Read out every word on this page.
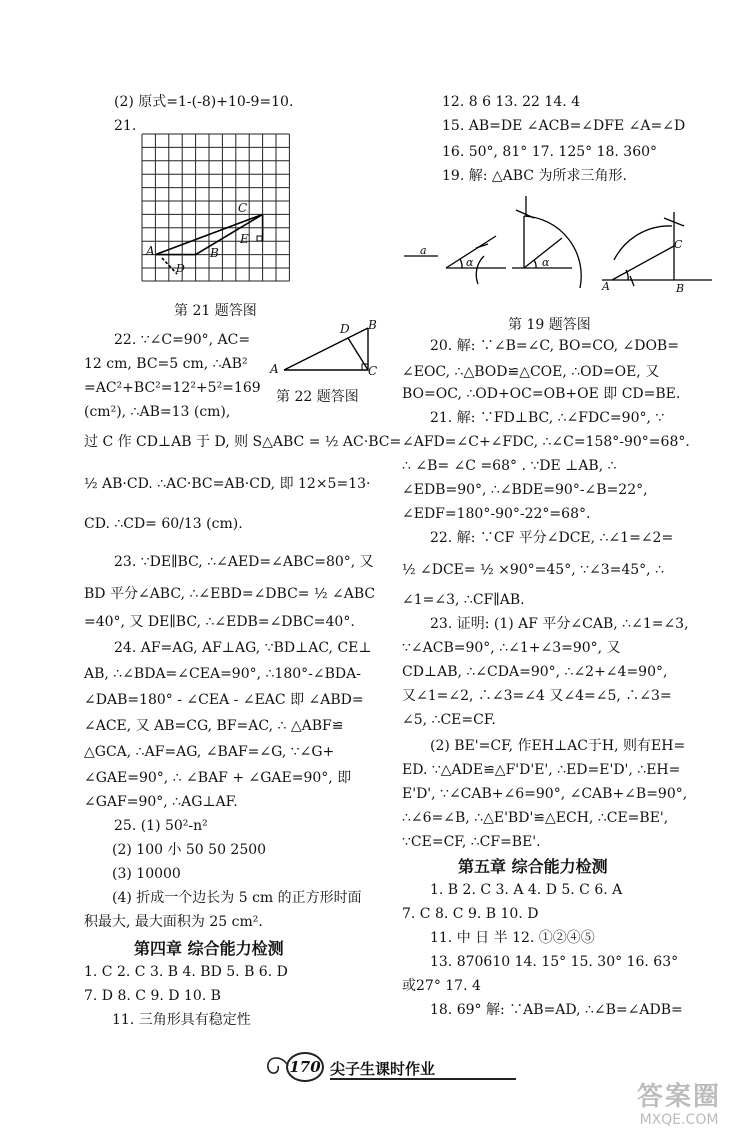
(2) 原式=1-(-8)+10-9=10.
21.
A	B
C
E
D
第 21 题答图
22. ∵∠C=90°, AC=
12 cm, BC=5 cm, ∴AB²
=AC²+BC²=12²+5²=169
(cm²), ∴AB=13 (cm),
A
B
C
D
第 22 题答图
过 C 作 CD⊥AB 于 D, 则 S△ABC = ½ AC·BC=
½ AB·CD. ∴AC·BC=AB·CD, 即 12×5=13·
CD. ∴CD= 60/13 (cm).
23. ∵DE∥BC, ∴∠AED=∠ABC=80°, 又
BD 平分∠ABC, ∴∠EBD=∠DBC= ½ ∠ABC
=40°, 又 DE∥BC, ∴∠EDB=∠DBC=40°.
24. AF=AG, AF⊥AG, ∵BD⊥AC, CE⊥
AB, ∴∠BDA=∠CEA=90°, ∴180°-∠BDA-
∠DAB=180° - ∠CEA - ∠EAC 即 ∠ABD=
∠ACE, 又 AB=CG, BF=AC, ∴ △ABF≌
△GCA, ∴AF=AG, ∠BAF=∠G, ∵∠G+
∠GAE=90°, ∴ ∠BAF + ∠GAE=90°, 即
∠GAF=90°, ∴AG⊥AF.
25. (1) 50²-n²
(2) 100 小 50 50 2500
(3) 10000
(4) 折成一个边长为 5 cm 的正方形时面
积最大, 最大面积为 25 cm².
第四章 综合能力检测
1. C 2. C 3. B 4. BD 5. B 6. D
7. D 8. C 9. D 10. B
11. 三角形具有稳定性
12. 8 6 13. 22 14. 4
15. AB=DE ∠ACB=∠DFE ∠A=∠D
16. 50°, 81° 17. 125° 18. 360°
19. 解: △ABC 为所求三角形.
a
α	α
A	B
C
第 19 题答图
20. 解: ∵∠B=∠C, BO=CO, ∠DOB=
∠EOC, ∴△BOD≌△COE, ∴OD=OE, 又
BO=OC, ∴OD+OC=OB+OE 即 CD=BE.
21. 解: ∵FD⊥BC, ∴∠FDC=90°, ∵
∠AFD=∠C+∠FDC, ∴∠C=158°-90°=68°.
∴ ∠B= ∠C =68° . ∵DE ⊥AB, ∴
∠EDB=90°, ∴∠BDE=90°-∠B=22°,
∠EDF=180°-90°-22°=68°.
22. 解: ∵CF 平分∠DCE, ∴∠1=∠2=
½ ∠DCE= ½ ×90°=45°, ∵∠3=45°, ∴
∠1=∠3, ∴CF∥AB.
23. 证明: (1) AF 平分∠CAB, ∴∠1=∠3,
∵∠ACB=90°, ∴∠1+∠3=90°, 又
CD⊥AB, ∴∠CDA=90°, ∴∠2+∠4=90°,
又∠1=∠2, ∴∠3=∠4 又∠4=∠5, ∴∠3=
∠5, ∴CE=CF.
(2) BE'=CF, 作EH⊥AC于H, 则有EH=
ED. ∵△ADE≌△F'D'E', ∴ED=E'D', ∴EH=
E'D', ∵∠CAB+∠6=90°, ∠CAB+∠B=90°,
∴∠6=∠B, ∴△E'BD'≌△ECH, ∴CE=BE',
∵CE=CF, ∴CF=BE'.
第五章 综合能力检测
1. B 2. C 3. A 4. D 5. C 6. A
7. C 8. C 9. B 10. D
11. 中 日 半 12. ①②④⑤
13. 870610 14. 15° 15. 30° 16. 63°
或27° 17. 4
18. 69° 解: ∵AB=AD, ∴∠B=∠ADB=
170 尖子生课时作业
答案圈
MXQE.COM
